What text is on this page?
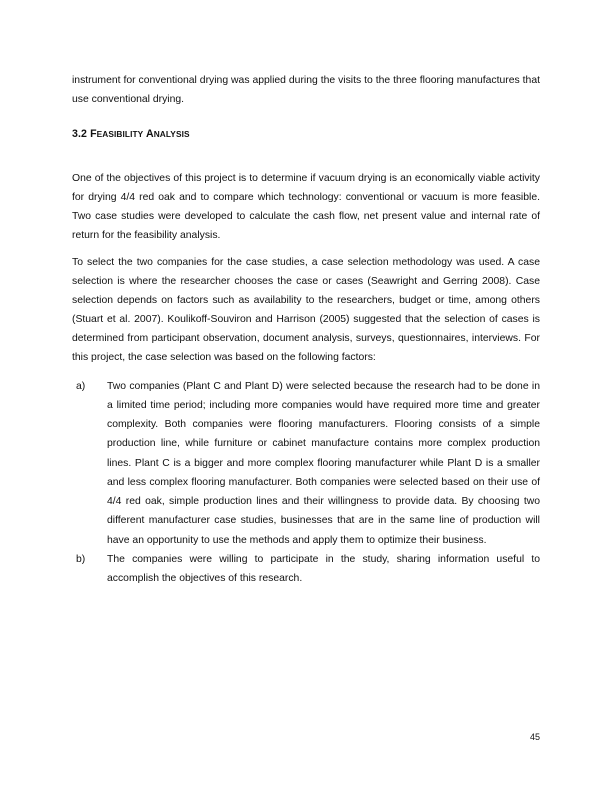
instrument for conventional drying was applied during the visits to the three flooring manufactures that use conventional drying.

3.2 FEASIBILITY ANALYSIS

One of the objectives of this project is to determine if vacuum drying is an economically viable activity for drying 4/4 red oak and to compare which technology: conventional or vacuum is more feasible. Two case studies were developed to calculate the cash flow, net present value and internal rate of return for the feasibility analysis.

To select the two companies for the case studies, a case selection methodology was used. A case selection is where the researcher chooses the case or cases (Seawright and Gerring 2008). Case selection depends on factors such as availability to the researchers, budget or time, among others (Stuart et al. 2007). Koulikoff-Souviron and Harrison (2005) suggested that the selection of cases is determined from participant observation, document analysis, surveys, questionnaires, interviews. For this project, the case selection was based on the following factors:

a) Two companies (Plant C and Plant D) were selected because the research had to be done in a limited time period; including more companies would have required more time and greater complexity. Both companies were flooring manufacturers. Flooring consists of a simple production line, while furniture or cabinet manufacture contains more complex production lines. Plant C is a bigger and more complex flooring manufacturer while Plant D is a smaller and less complex flooring manufacturer. Both companies were selected based on their use of 4/4 red oak, simple production lines and their willingness to provide data. By choosing two different manufacturer case studies, businesses that are in the same line of production will have an opportunity to use the methods and apply them to optimize their business.
b) The companies were willing to participate in the study, sharing information useful to accomplish the objectives of this research.
45
